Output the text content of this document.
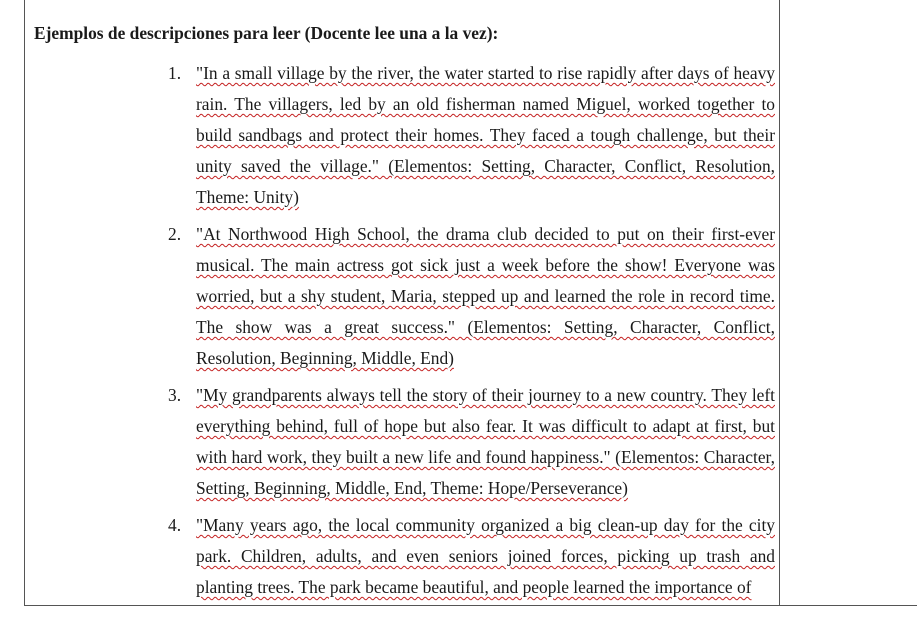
Ejemplos de descripciones para leer (Docente lee una a la vez):
1. "In a small village by the river, the water started to rise rapidly after days of heavy rain. The villagers, led by an old fisherman named Miguel, worked together to build sandbags and protect their homes. They faced a tough challenge, but their unity saved the village." (Elementos: Setting, Character, Conflict, Resolution, Theme: Unity)
2. "At Northwood High School, the drama club decided to put on their first-ever musical. The main actress got sick just a week before the show! Everyone was worried, but a shy student, Maria, stepped up and learned the role in record time. The show was a great success." (Elementos: Setting, Character, Conflict, Resolution, Beginning, Middle, End)
3. "My grandparents always tell the story of their journey to a new country. They left everything behind, full of hope but also fear. It was difficult to adapt at first, but with hard work, they built a new life and found happiness." (Elementos: Character, Setting, Beginning, Middle, End, Theme: Hope/Perseverance)
4. "Many years ago, the local community organized a big clean-up day for the city park. Children, adults, and even seniors joined forces, picking up trash and planting trees. The park became beautiful, and people learned the importance of
